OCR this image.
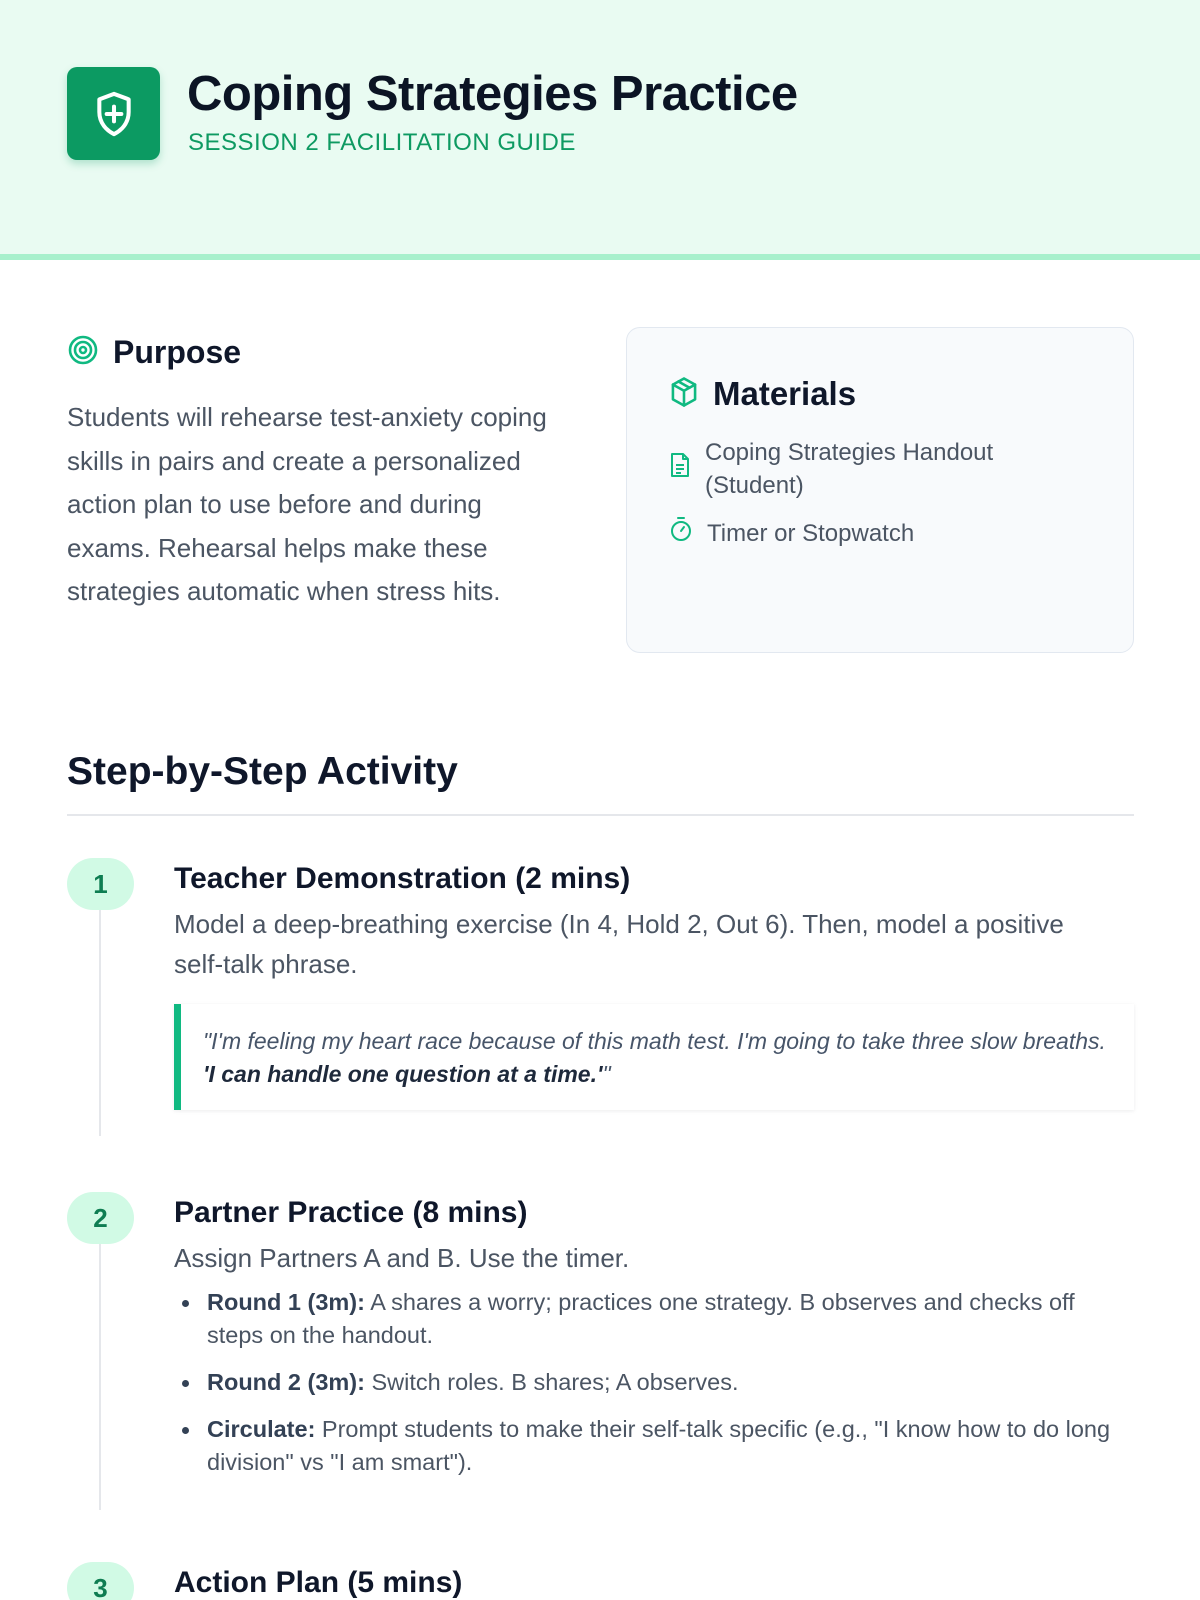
Coping Strategies Practice
SESSION 2 FACILITATION GUIDE
Purpose

Students will rehearse test-anxiety coping skills in pairs and create a personalized action plan to use before and during exams. Rehearsal helps make these strategies automatic when stress hits.

Materials
Coping Strategies Handout (Student)
Timer or Stopwatch
Step-by-Step Activity
1	Teacher Demonstration (2 mins)
Model a deep-breathing exercise (In 4, Hold 2, Out 6). Then, model a positive self-talk phrase.
"I'm feeling my heart race because of this math test. I'm going to take three slow breaths. 'I can handle one question at a time.'"
2	Partner Practice (8 mins)
Assign Partners A and B. Use the timer.
Round 1 (3m): A shares a worry; practices one strategy. B observes and checks off steps on the handout.
Round 2 (3m): Switch roles. B shares; A observes.
Circulate: Prompt students to make their self-talk specific (e.g., "I know how to do long division" vs "I am smart").
3	Action Plan (5 mins)
